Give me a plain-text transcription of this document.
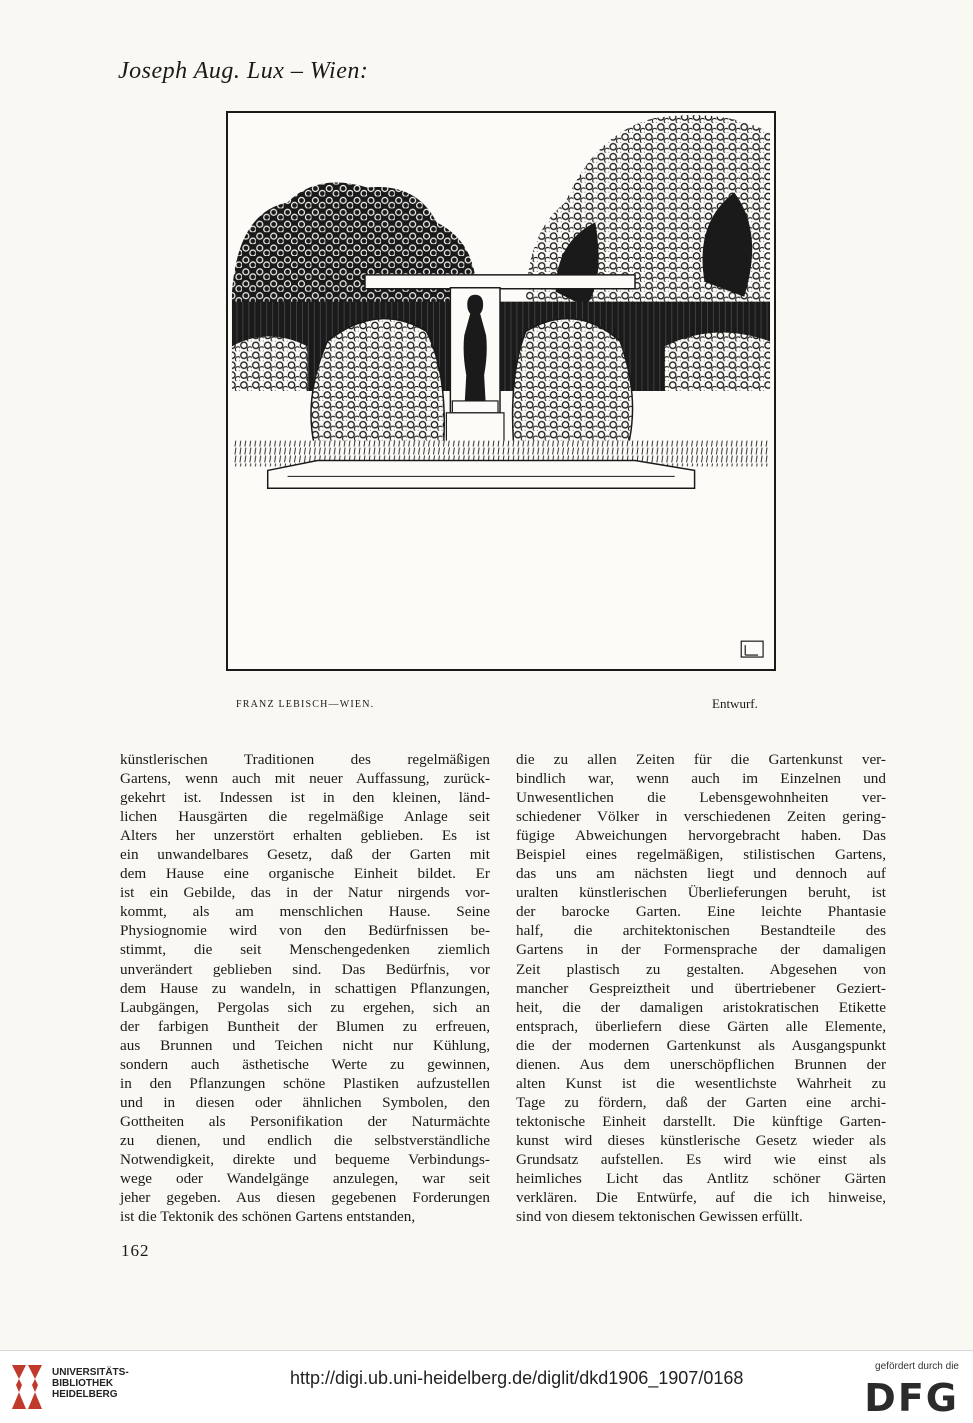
Joseph Aug. Lux – Wien:
FRANZ LEBISCH—WIEN.	Entwurf.
künstlerischen Traditionen des regelmäßigen
Gartens, wenn auch mit neuer Auffassung, zurück-
gekehrt ist. Indessen ist in den kleinen, länd-
lichen Hausgärten die regelmäßige Anlage seit
Alters her unzerstört erhalten geblieben. Es ist
ein unwandelbares Gesetz, daß der Garten mit
dem Hause eine organische Einheit bildet. Er
ist ein Gebilde, das in der Natur nirgends vor-
kommt, als am menschlichen Hause. Seine
Physiognomie wird von den Bedürfnissen be-
stimmt, die seit Menschengedenken ziemlich
unverändert geblieben sind. Das Bedürfnis, vor
dem Hause zu wandeln, in schattigen Pflanzungen,
Laubgängen, Pergolas sich zu ergehen, sich an
der farbigen Buntheit der Blumen zu erfreuen,
aus Brunnen und Teichen nicht nur Kühlung,
sondern auch ästhetische Werte zu gewinnen,
in den Pflanzungen schöne Plastiken aufzustellen
und in diesen oder ähnlichen Symbolen, den
Gottheiten als Personifikation der Naturmächte
zu dienen, und endlich die selbstverständliche
Notwendigkeit, direkte und bequeme Verbindungs-
wege oder Wandelgänge anzulegen, war seit
jeher gegeben. Aus diesen gegebenen Forderungen
ist die Tektonik des schönen Gartens entstanden,
die zu allen Zeiten für die Gartenkunst ver-
bindlich war, wenn auch im Einzelnen und
Unwesentlichen die Lebensgewohnheiten ver-
schiedener Völker in verschiedenen Zeiten gering-
fügige Abweichungen hervorgebracht haben. Das
Beispiel eines regelmäßigen, stilistischen Gartens,
das uns am nächsten liegt und dennoch auf
uralten künstlerischen Überlieferungen beruht, ist
der barocke Garten. Eine leichte Phantasie
half, die architektonischen Bestandteile des
Gartens in der Formensprache der damaligen
Zeit plastisch zu gestalten. Abgesehen von
mancher Gespreiztheit und übertriebener Geziert-
heit, die der damaligen aristokratischen Etikette
entsprach, überliefern diese Gärten alle Elemente,
die der modernen Gartenkunst als Ausgangspunkt
dienen. Aus dem unerschöpflichen Brunnen der
alten Kunst ist die wesentlichste Wahrheit zu
Tage zu fördern, daß der Garten eine archi-
tektonische Einheit darstellt. Die künftige Garten-
kunst wird dieses künstlerische Gesetz wieder als
Grundsatz aufstellen. Es wird wie einst als
heimliches Licht das Antlitz schöner Gärten
verklären. Die Entwürfe, auf die ich hinweise,
sind von diesem tektonischen Gewissen erfüllt.
162
UNIVERSITÄTS-
BIBLIOTHEK
HEIDELBERG
http://digi.ub.uni-heidelberg.de/diglit/dkd1906_1907/0168
gefördert durch die
DFG
